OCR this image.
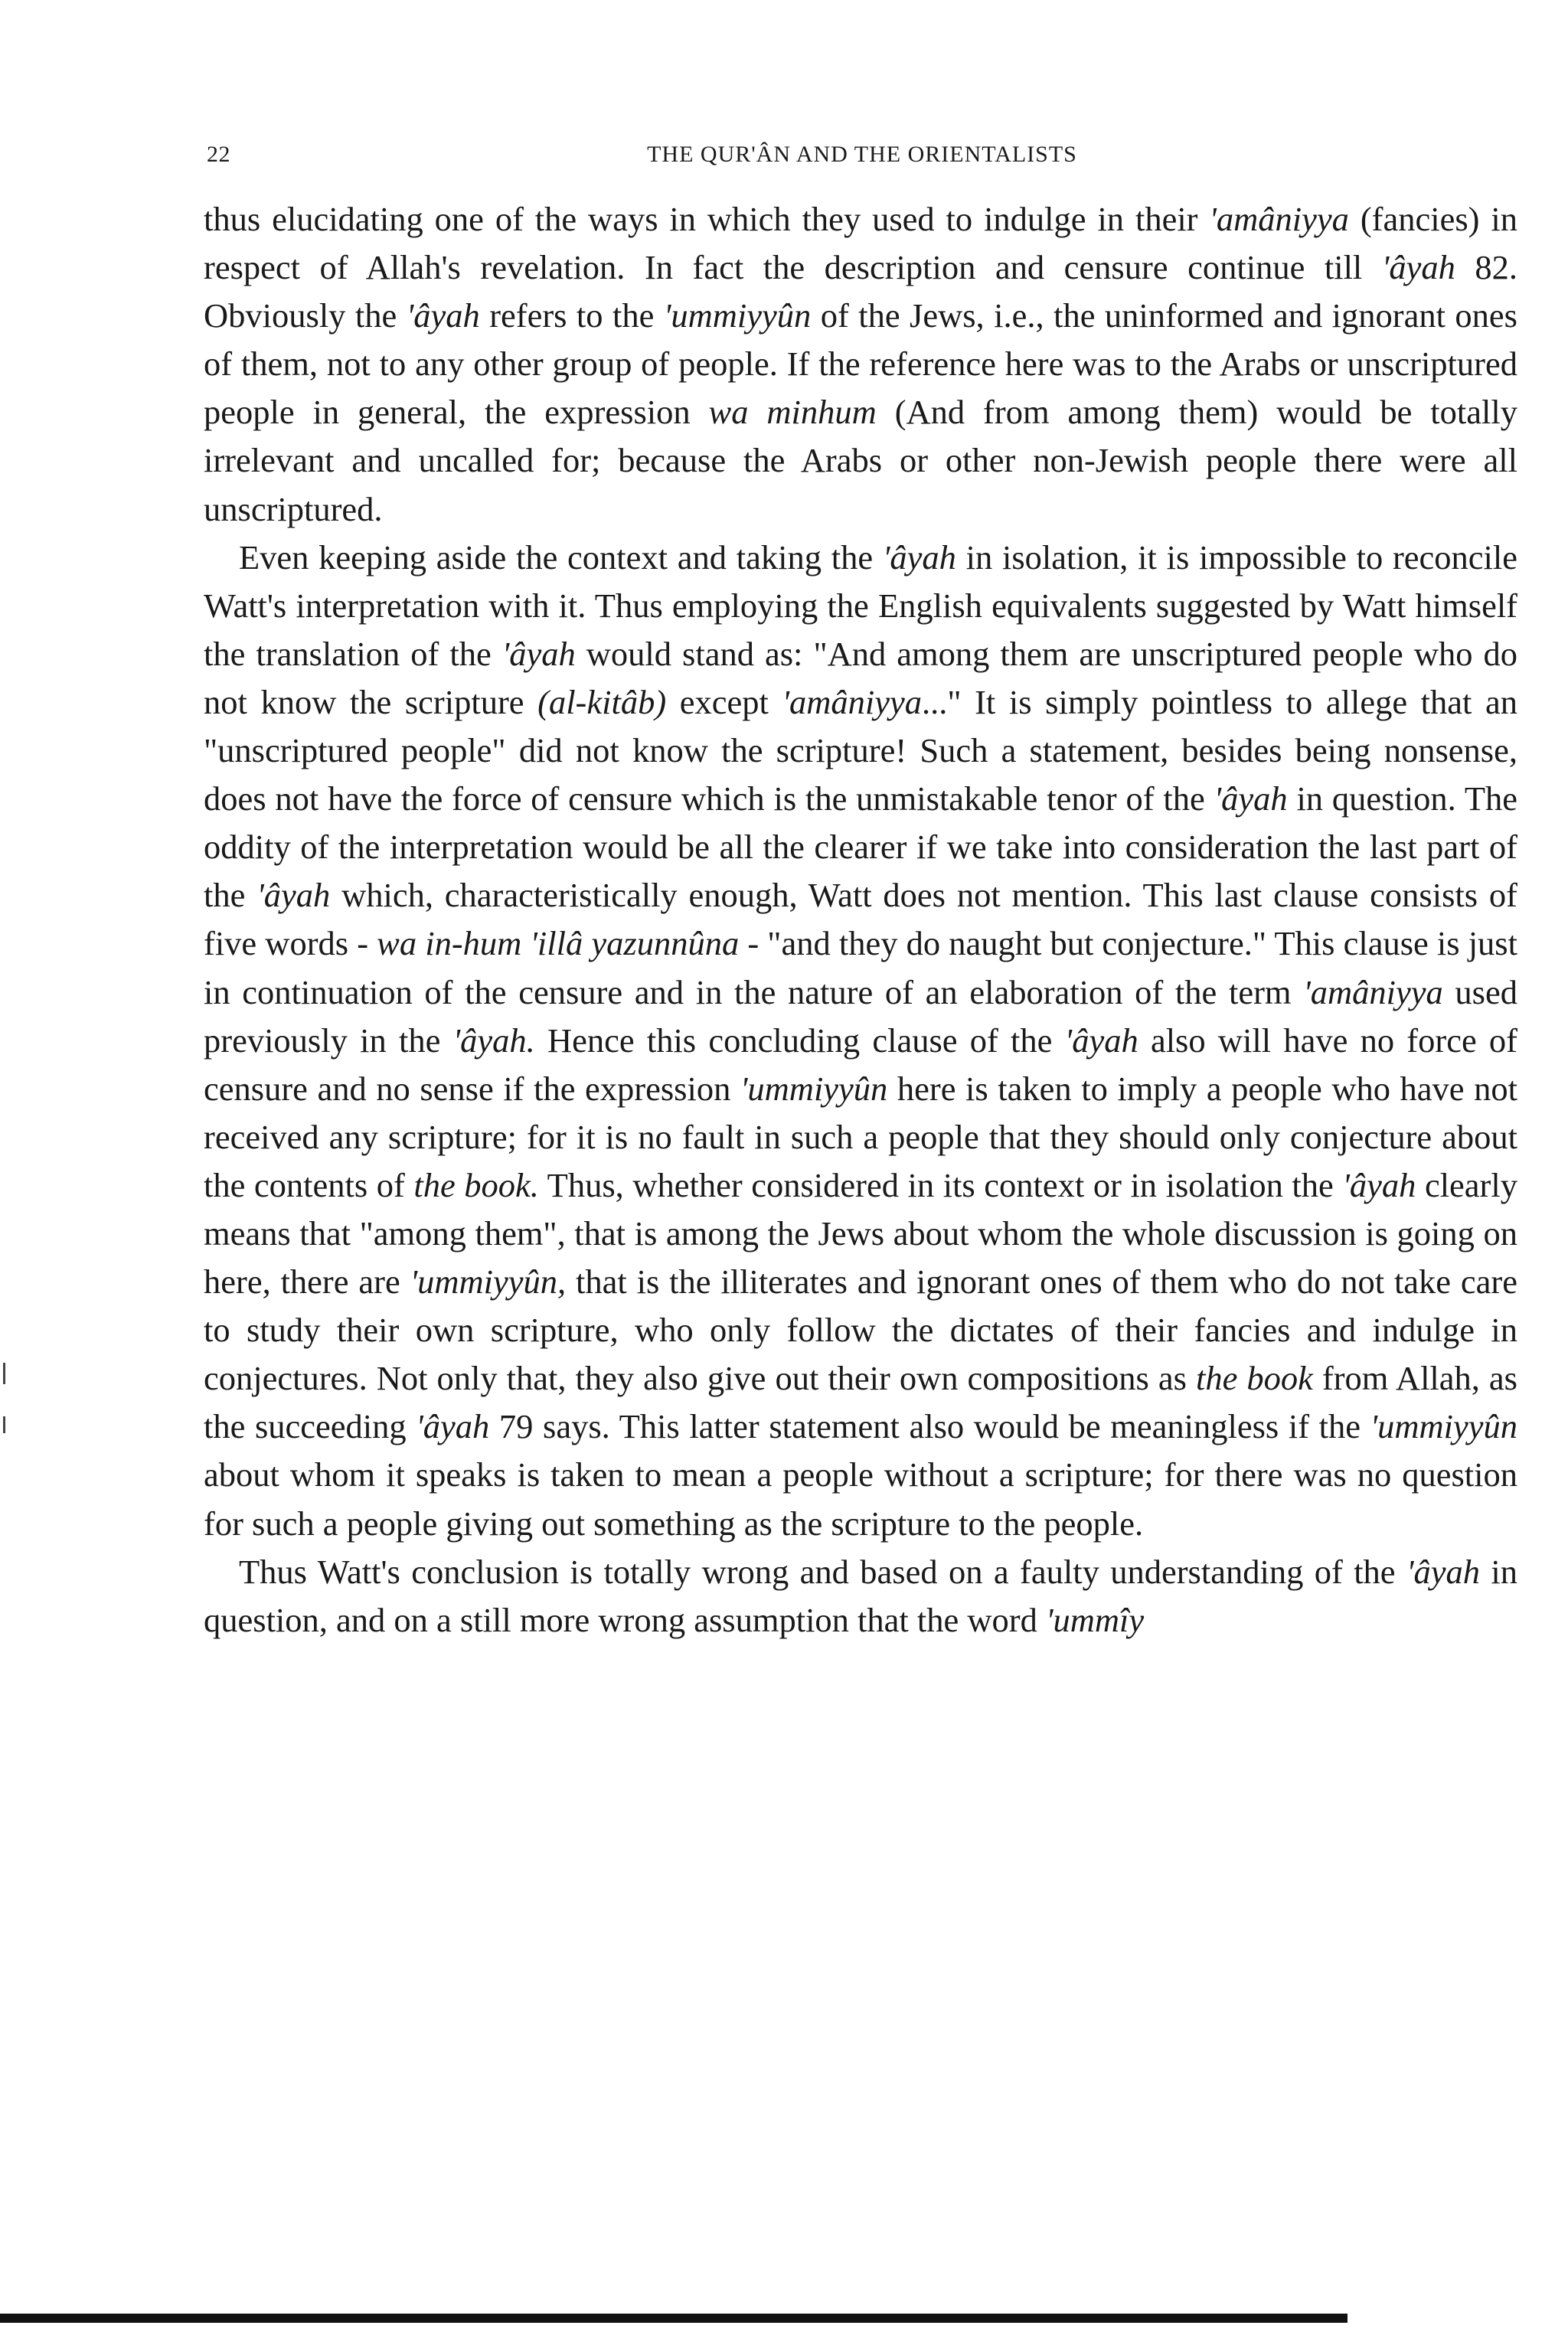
22	THE QUR'ÂN AND THE ORIENTALISTS

thus elucidating one of the ways in which they used to indulge in their 'amâniyya (fancies) in respect of Allah's revelation. In fact the description and censure continue till 'âyah 82. Obviously the 'âyah refers to the 'ummiyyûn of the Jews, i.e., the uninformed and ignorant ones of them, not to any other group of people. If the reference here was to the Arabs or unscriptured people in general, the expression wa minhum (And from among them) would be totally irrelevant and uncalled for; because the Arabs or other non-Jewish people there were all unscriptured.

Even keeping aside the context and taking the 'âyah in isolation, it is impossible to reconcile Watt's interpretation with it. Thus employing the English equivalents suggested by Watt himself the translation of the 'âyah would stand as: "And among them are unscriptured people who do not know the scripture (al-kitâb) except 'amâniyya..." It is simply pointless to allege that an "unscriptured people" did not know the scripture! Such a statement, besides being nonsense, does not have the force of censure which is the unmistakable tenor of the 'âyah in question. The oddity of the interpretation would be all the clearer if we take into consideration the last part of the 'âyah which, characteristically enough, Watt does not mention. This last clause consists of five words - wa in-hum 'illâ yazunnûna - "and they do naught but conjecture." This clause is just in continuation of the censure and in the nature of an elaboration of the term 'amâniyya used previously in the 'âyah. Hence this concluding clause of the 'âyah also will have no force of censure and no sense if the expression 'ummiyyûn here is taken to imply a people who have not received any scripture; for it is no fault in such a people that they should only conjecture about the contents of the book. Thus, whether considered in its context or in isolation the 'âyah clearly means that "among them", that is among the Jews about whom the whole discussion is going on here, there are 'ummiyyûn, that is the illiterates and ignorant ones of them who do not take care to study their own scripture, who only follow the dictates of their fancies and indulge in conjectures. Not only that, they also give out their own compositions as the book from Allah, as the succeeding 'âyah 79 says. This latter statement also would be meaningless if the 'ummiyyûn about whom it speaks is taken to mean a people without a scripture; for there was no question for such a people giving out something as the scripture to the people.

Thus Watt's conclusion is totally wrong and based on a faulty understanding of the 'âyah in question, and on a still more wrong assumption that the word 'ummîy
